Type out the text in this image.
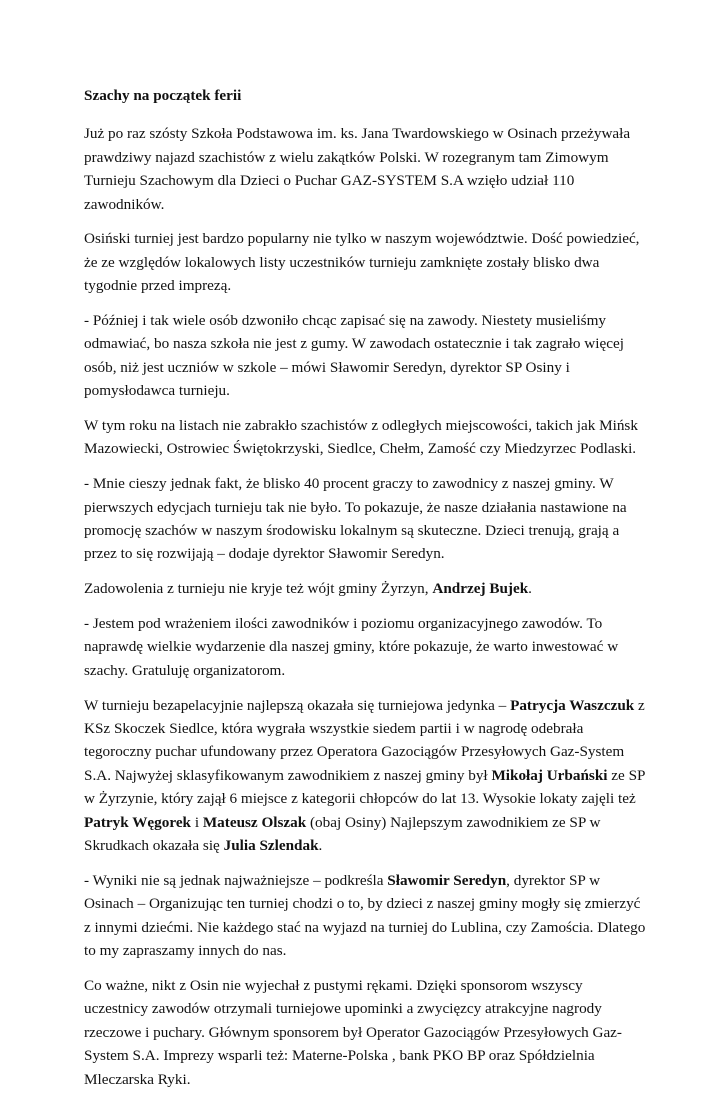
Szachy na początek ferii

Już po raz szósty Szkoła Podstawowa im. ks. Jana Twardowskiego w Osinach przeżywała prawdziwy najazd szachistów z wielu zakątków Polski. W rozegranym tam Zimowym Turnieju Szachowym dla Dzieci o Puchar GAZ-SYSTEM S.A wzięło udział 110 zawodników.

Osiński turniej jest bardzo popularny nie tylko w naszym województwie. Dość powiedzieć, że ze względów lokalowych listy uczestników turnieju zamknięte zostały blisko dwa tygodnie przed imprezą.

- Później i tak wiele osób dzwoniło chcąc zapisać się na zawody. Niestety musieliśmy odmawiać, bo nasza szkoła nie jest z gumy. W zawodach ostatecznie i tak zagrało więcej osób, niż jest uczniów w szkole – mówi Sławomir Seredyn, dyrektor SP Osiny i pomysłodawca turnieju.

W tym roku na listach nie zabrakło szachistów z odległych miejscowości, takich jak Mińsk Mazowiecki, Ostrowiec Świętokrzyski, Siedlce, Chełm, Zamość czy Miedzyrzec Podlaski.

- Mnie cieszy jednak fakt, że blisko 40 procent graczy to zawodnicy z naszej gminy. W pierwszych edycjach turnieju tak nie było. To pokazuje, że nasze działania nastawione na promocję szachów w naszym środowisku lokalnym są skuteczne. Dzieci trenują, grają a przez to się rozwijają – dodaje dyrektor Sławomir Seredyn.

Zadowolenia z turnieju nie kryje też wójt gminy Żyrzyn, Andrzej Bujek.

- Jestem pod wrażeniem ilości zawodników i poziomu organizacyjnego zawodów. To naprawdę wielkie wydarzenie dla naszej gminy, które pokazuje, że warto inwestować w szachy. Gratuluję organizatorom.

W turnieju bezapelacyjnie najlepszą okazała się turniejowa jedynka – Patrycja Waszczuk z KSz Skoczek Siedlce, która wygrała wszystkie siedem partii i w nagrodę odebrała tegoroczny puchar ufundowany przez Operatora Gazociągów Przesyłowych Gaz-System S.A. Najwyżej sklasyfikowanym zawodnikiem z naszej gminy był Mikołaj Urbański ze SP w Żyrzynie, który zajął 6 miejsce z kategorii chłopców do lat 13. Wysokie lokaty zajęli też Patryk Węgorek i Mateusz Olszak (obaj Osiny) Najlepszym zawodnikiem ze SP w Skrudkach okazała się Julia Szlendak.

- Wyniki nie są jednak najważniejsze – podkreśla Sławomir Seredyn, dyrektor SP w Osinach – Organizując ten turniej chodzi o to, by dzieci z naszej gminy mogły się zmierzyć z innymi dziećmi. Nie każdego stać na wyjazd na turniej do Lublina, czy Zamościa. Dlatego to my zapraszamy innych do nas.

Co ważne, nikt z Osin nie wyjechał z pustymi rękami. Dzięki sponsorom wszyscy uczestnicy zawodów otrzymali turniejowe upominki a zwycięzcy atrakcyjne nagrody rzeczowe i puchary. Głównym sponsorem był Operator Gazociągów Przesyłowych Gaz-System S.A. Imprezy wsparli też: Materne-Polska , bank PKO BP oraz Spółdzielnia Mleczarska Ryki.
